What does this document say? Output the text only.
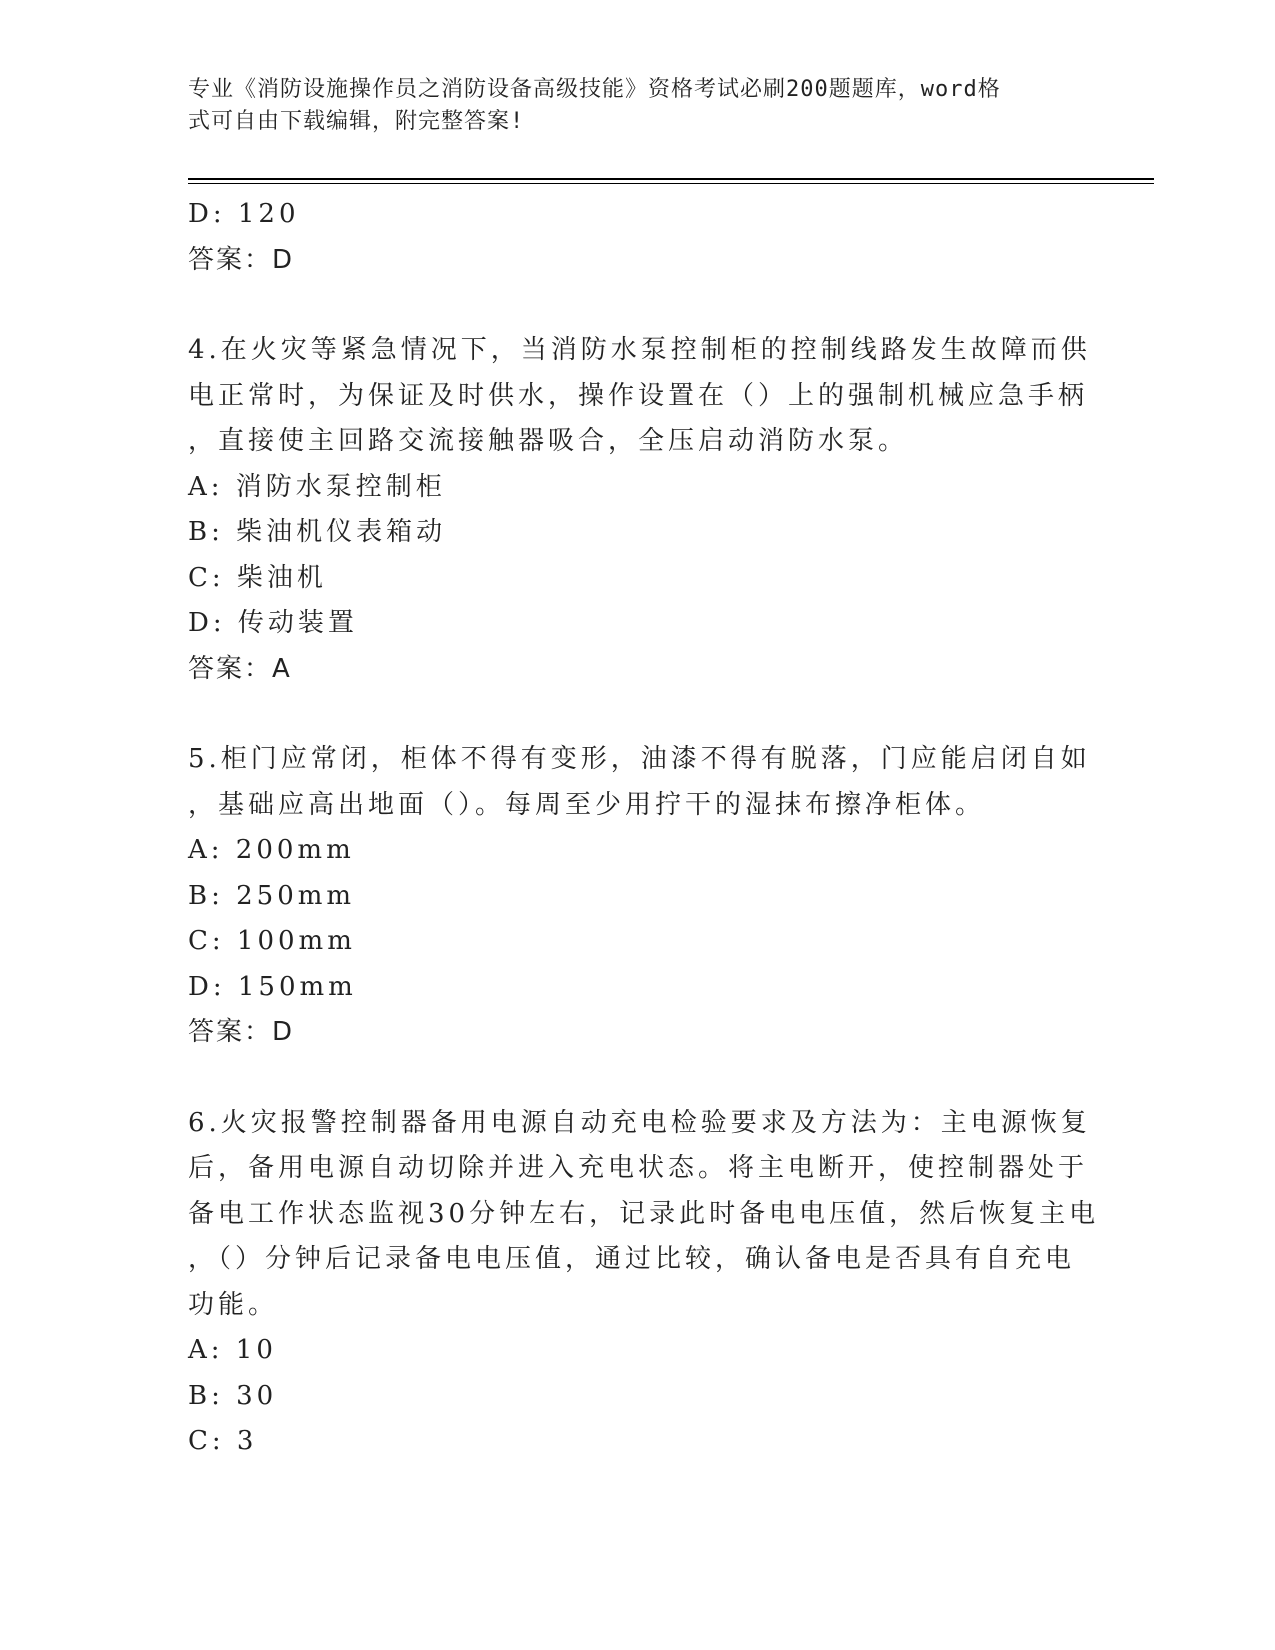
专业《消防设施操作员之消防设备高级技能》资格考试必刷200题题库，word格
式可自由下载编辑，附完整答案!
D: 120
答案：D
4.在火灾等紧急情况下，当消防水泵控制柜的控制线路发生故障而供
电正常时，为保证及时供水，操作设置在（）上的强制机械应急手柄
，直接使主回路交流接触器吸合，全压启动消防水泵。
A: 消防水泵控制柜
B: 柴油机仪表箱动
C: 柴油机
D: 传动装置
答案：A
5.柜门应常闭，柜体不得有变形，油漆不得有脱落，门应能启闭自如
，基础应高出地面（）。每周至少用拧干的湿抹布擦净柜体。
A: 200mm
B: 250mm
C: 100mm
D: 150mm
答案：D
6.火灾报警控制器备用电源自动充电检验要求及方法为：主电源恢复
后，备用电源自动切除并进入充电状态。将主电断开，使控制器处于
备电工作状态监视30分钟左右，记录此时备电电压值，然后恢复主电
，（）分钟后记录备电电压值，通过比较，确认备电是否具有自充电
功能。
A: 10
B: 30
C: 3
